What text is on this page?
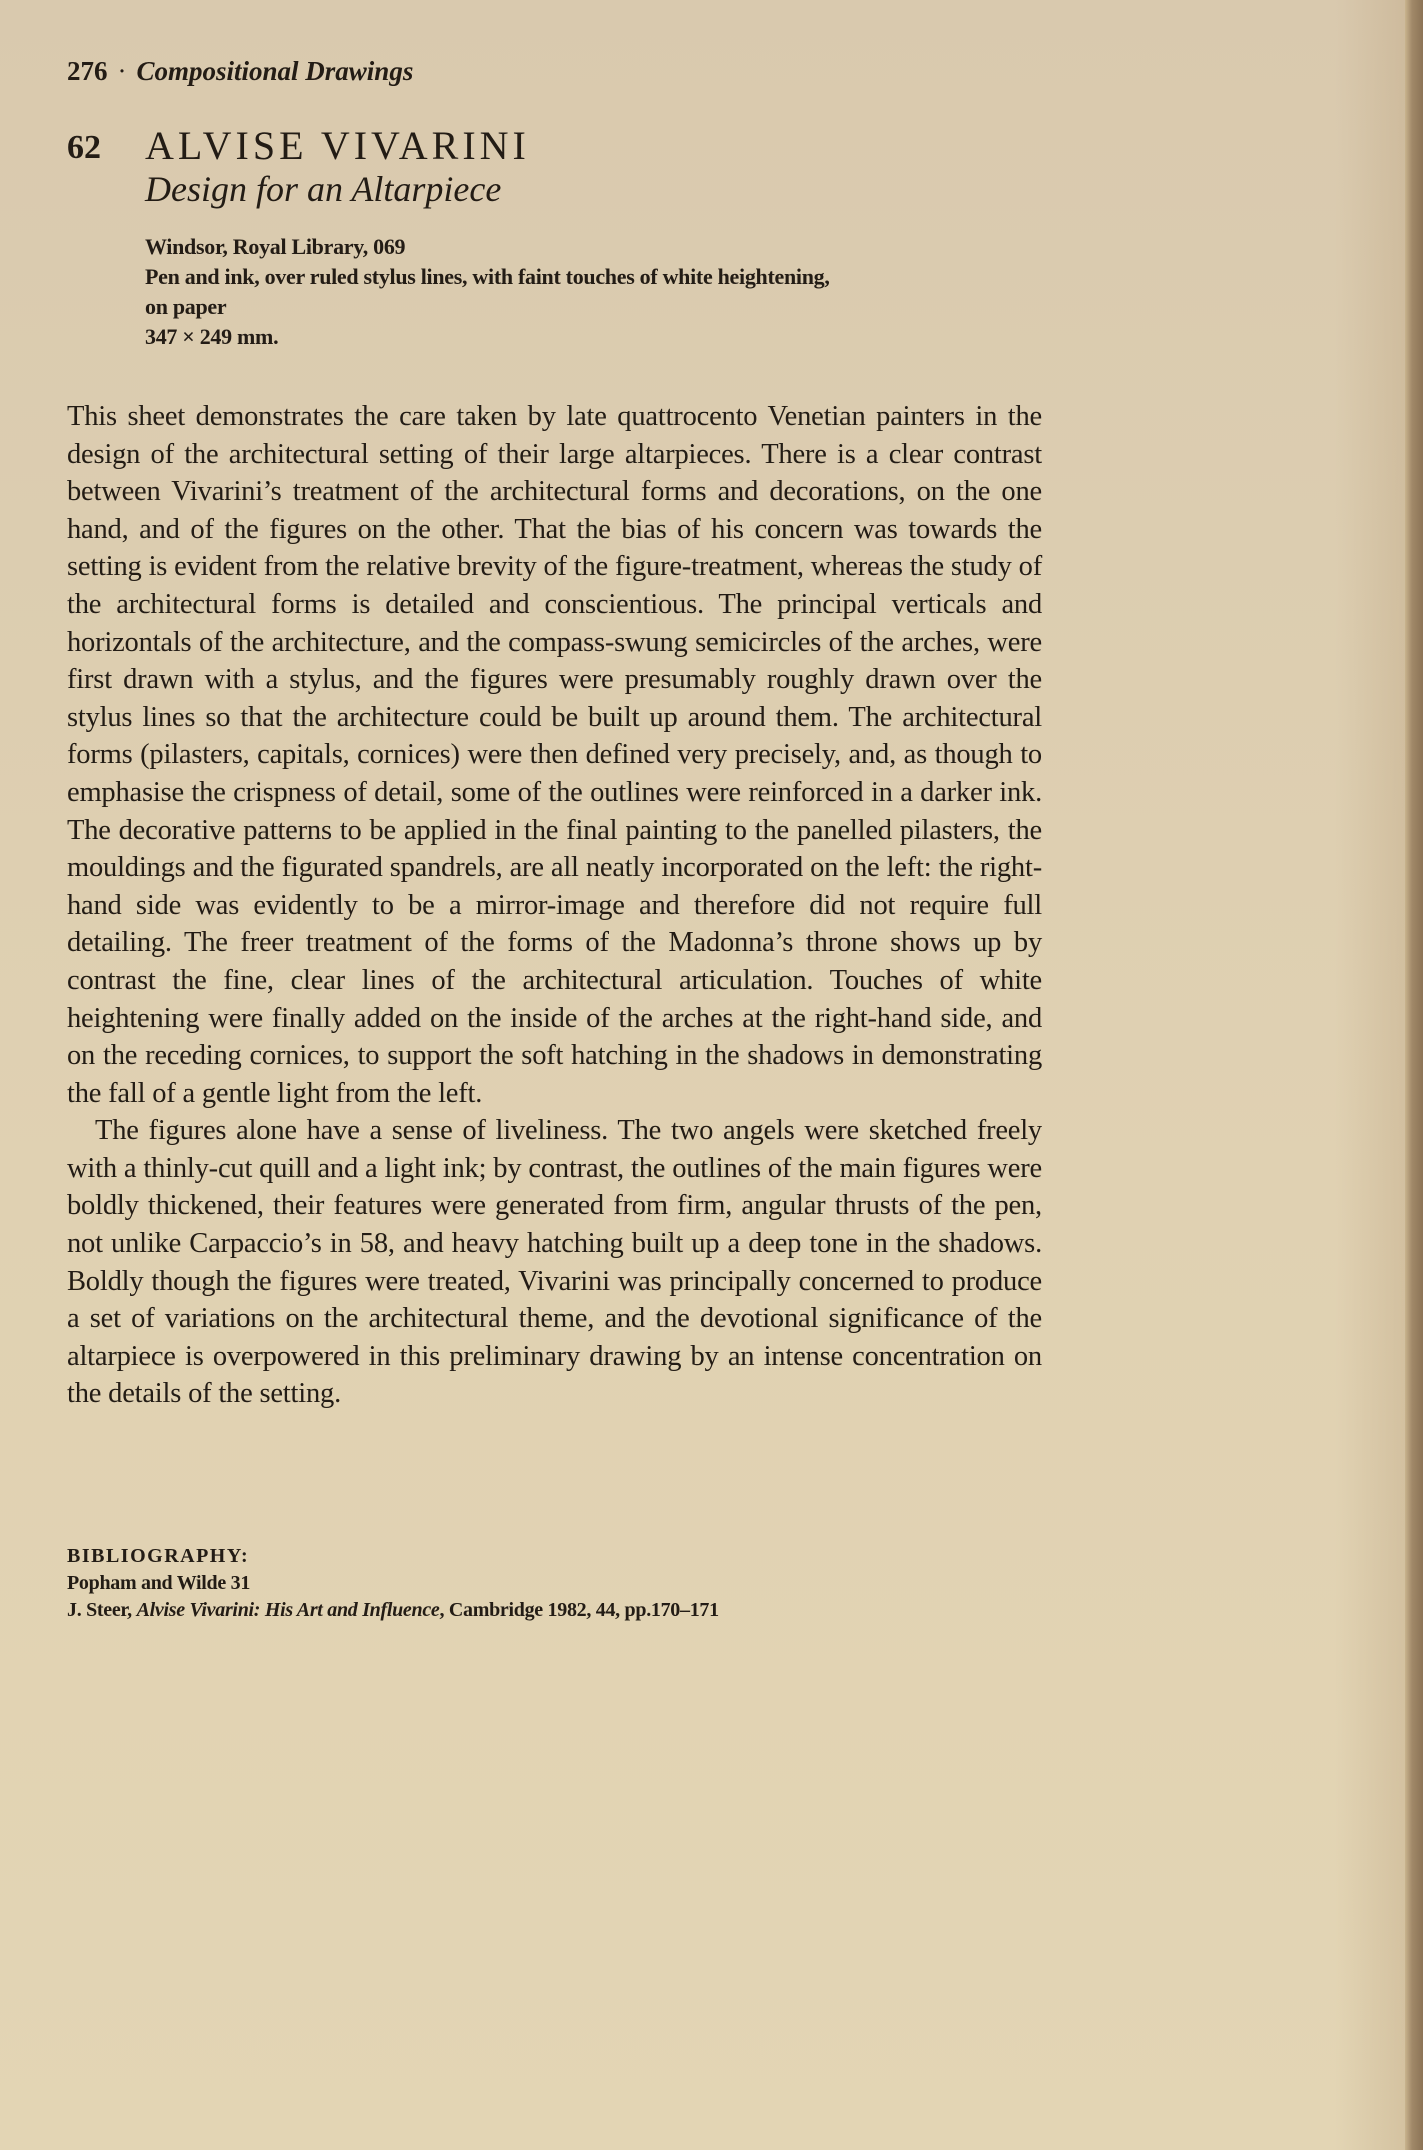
276 · Compositional Drawings
62 ALVISE VIVARINI
Design for an Altarpiece
Windsor, Royal Library, 069
Pen and ink, over ruled stylus lines, with faint touches of white heightening,
on paper
347 × 249 mm.

This sheet demonstrates the care taken by late quattrocento Venetian painters in the design of the architectural setting of their large altarpieces. There is a clear contrast between Vivarini’s treatment of the architectural forms and decorations, on the one hand, and of the figures on the other. That the bias of his concern was towards the setting is evident from the relative brevity of the figure-treatment, whereas the study of the architectural forms is detailed and conscientious. The principal verticals and horizontals of the architecture, and the compass-swung semicircles of the arches, were first drawn with a stylus, and the figures were presumably roughly drawn over the stylus lines so that the architecture could be built up around them. The architectural forms (pilasters, capitals, cornices) were then defined very precisely, and, as though to emphasise the crispness of detail, some of the outlines were reinforced in a darker ink. The decorative patterns to be applied in the final painting to the panelled pilasters, the mouldings and the figurated spandrels, are all neatly incorporated on the left: the right-hand side was evidently to be a mirror-image and therefore did not require full detailing. The freer treatment of the forms of the Madonna’s throne shows up by contrast the fine, clear lines of the architectural articulation. Touches of white heightening were finally added on the inside of the arches at the right-hand side, and on the receding cornices, to support the soft hatching in the shadows in demonstrating the fall of a gentle light from the left.

The figures alone have a sense of liveliness. The two angels were sketched freely with a thinly-cut quill and a light ink; by contrast, the outlines of the main figures were boldly thickened, their features were generated from firm, angular thrusts of the pen, not unlike Carpaccio’s in 58, and heavy hatching built up a deep tone in the shadows. Boldly though the figures were treated, Vivarini was principally concerned to produce a set of variations on the architectural theme, and the devotional significance of the altarpiece is overpowered in this preliminary drawing by an intense concentration on the details of the setting.

BIBLIOGRAPHY:
Popham and Wilde 31
J. Steer, Alvise Vivarini: His Art and Influence, Cambridge 1982, 44, pp.170–171
